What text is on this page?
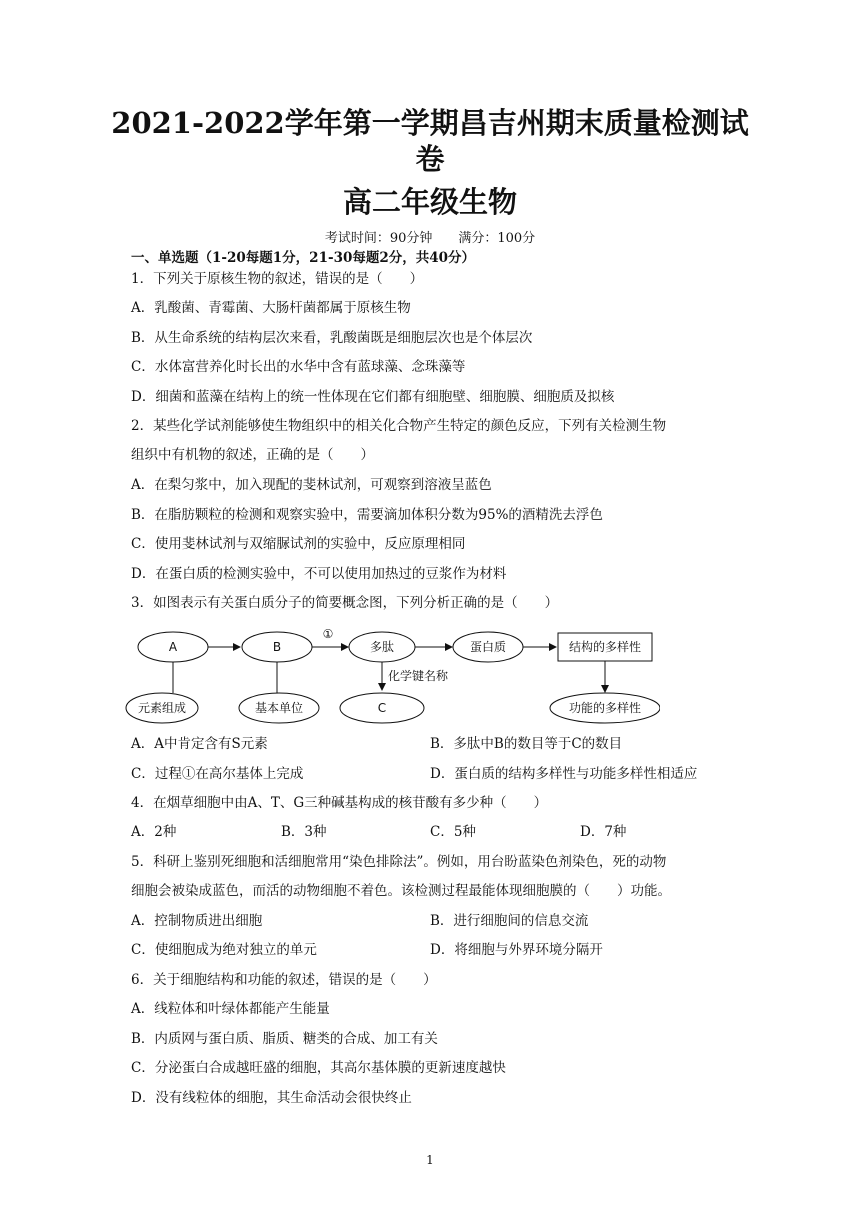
2021-2022学年第一学期昌吉州期末质量检测试
卷
高二年级生物
考试时间：90分钟　　满分：100分
一、单选题（1-20每题1分，21-30每题2分，共40分）
1．下列关于原核生物的叙述，错误的是（　　）
A．乳酸菌、青霉菌、大肠杆菌都属于原核生物
B．从生命系统的结构层次来看，乳酸菌既是细胞层次也是个体层次
C．水体富营养化时长出的水华中含有蓝球藻、念珠藻等
D．细菌和蓝藻在结构上的统一性体现在它们都有细胞壁、细胞膜、细胞质及拟核
2．某些化学试剂能够使生物组织中的相关化合物产生特定的颜色反应，下列有关检测生物
组织中有机物的叙述，正确的是（　　）
A．在梨匀浆中，加入现配的斐林试剂，可观察到溶液呈蓝色
B．在脂肪颗粒的检测和观察实验中，需要滴加体积分数为95%的酒精洗去浮色
C．使用斐林试剂与双缩脲试剂的实验中，反应原理相同
D．在蛋白质的检测实验中，不可以使用加热过的豆浆作为材料
3．如图表示有关蛋白质分子的简要概念图，下列分析正确的是（　　）
A	B
①
多肽	蛋白质	结构的多样性
化学键名称
元素组成	基本单位	C	功能的多样性
A．A中肯定含有S元素	B．多肽中B的数目等于C的数目
C．过程①在高尔基体上完成	D．蛋白质的结构多样性与功能多样性相适应
4．在烟草细胞中由A、T、G三种碱基构成的核苷酸有多少种（　　）
A．2种	B．3种	C．5种	D．7种
5．科研上鉴别死细胞和活细胞常用“染色排除法”。例如，用台盼蓝染色剂染色，死的动物
细胞会被染成蓝色，而活的动物细胞不着色。该检测过程最能体现细胞膜的（　　）功能。
A．控制物质进出细胞	B．进行细胞间的信息交流
C．使细胞成为绝对独立的单元	D．将细胞与外界环境分隔开
6．关于细胞结构和功能的叙述，错误的是（　　）
A．线粒体和叶绿体都能产生能量
B．内质网与蛋白质、脂质、糖类的合成、加工有关
C．分泌蛋白合成越旺盛的细胞，其高尔基体膜的更新速度越快
D．没有线粒体的细胞，其生命活动会很快终止
1
